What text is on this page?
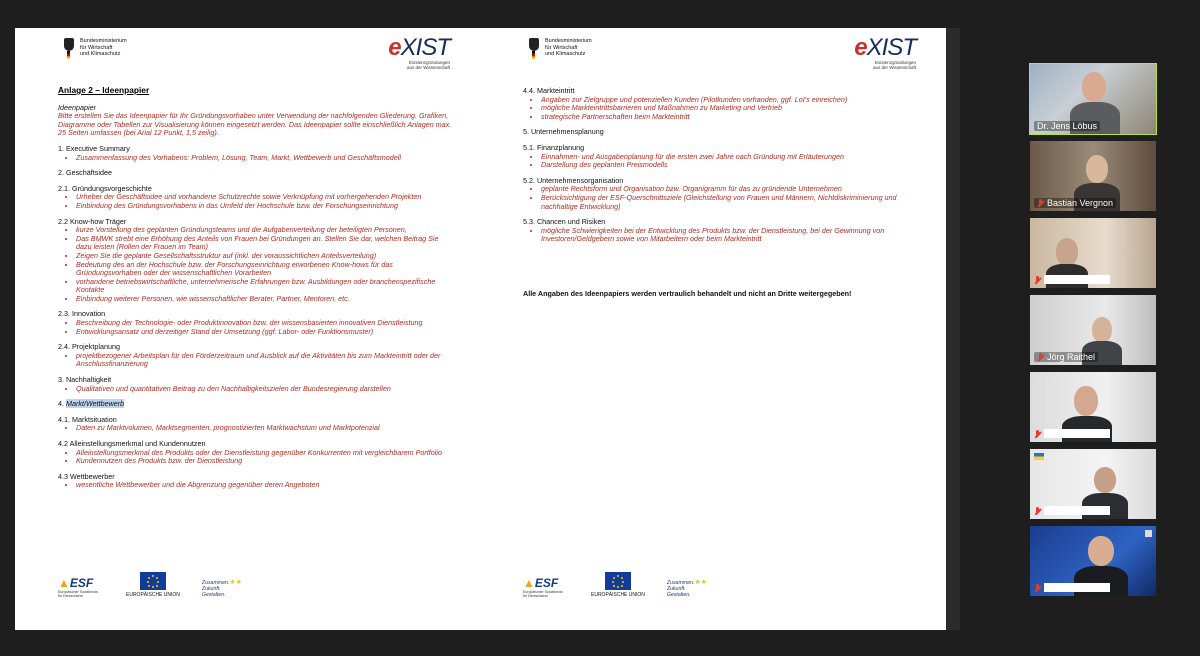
Bundesministerium
für Wirtschaft
und Klimaschutz	eXIST
Existenzgründungen
aus der Wissenschaft
Anlage 2 – Ideenpapier
Ideenpapier
Bitte erstellen Sie das Ideenpapier für Ihr Gründungsvorhaben unter Verwendung der nachfolgenden Gliederung. Grafiken, Diagramme oder Tabellen zur Visualisierung können eingesetzt werden. Das Ideenpapier sollte einschließlich Anlagen max. 25 Seiten umfassen (bei Arial 12 Punkt, 1,5 zeilig).
1. Executive Summary
• Zusammenfassung des Vorhabens: Problem, Lösung, Team, Markt, Wettbewerb und Geschäftsmodell
2. Geschäftsidee
2.1. Gründungsvorgeschichte
• Urheber der Geschäftsidee und vorhandene Schutzrechte sowie Verknüpfung mit vorhergehenden Projekten
• Einbindung des Gründungsvorhabens in das Umfeld der Hochschule bzw. der Forschungseinrichtung
2.2 Know-how Träger
• kurze Vorstellung des geplanten Gründungsteams und die Aufgabenverteilung der beteiligten Personen,
• Das BMWK strebt eine Erhöhung des Anteils von Frauen bei Gründungen an. Stellen Sie dar, welchen Beitrag Sie dazu leisten (Rollen der Frauen im Team)
• Zeigen Sie die geplante Gesellschaftsstruktur auf (inkl. der voraussichtlichen Anteilsverteilung)
• Bedeutung des an der Hochschule bzw. der Forschungseinrichtung erworbenen Know-hows für das Gründungsvorhaben oder der wissenschaftlichen Vorarbeiten
• vorhandene betriebswirtschaftliche, unternehmerische Erfahrungen bzw. Ausbildungen oder branchenspezifische Kontakte
• Einbindung weiterer Personen, wie wissenschaftlicher Berater, Partner, Mentoren, etc.
2.3. Innovation
• Beschreibung der Technologie- oder Produktinnovation bzw. der wissensbasierten innovativen Dienstleistung
• Entwicklungsansatz und derzeitiger Stand der Umsetzung (ggf. Labor- oder Funktionsmuster)
2.4. Projektplanung
• projektbezogener Arbeitsplan für den Förderzeitraum und Ausblick auf die Aktivitäten bis zum Markteintritt oder der Anschlussfinanzierung
3. Nachhaltigkeit
• Qualitativen und quantitativen Beitrag zu den Nachhaltigkeitszielen der Bundesregierung darstellen
4. Markt/Wettbewerb
4.1. Marktsituation
• Daten zu Marktvolumen, Marktsegmenten, prognostizierten Marktwachstum und Marktpotenzial
4.2 Alleinstellungsmerkmal und Kundennutzen
• Alleinstellungsmerkmal des Produkts oder der Dienstleistung gegenüber Konkurrenten mit vergleichbarem Portfolio
• Kundennutzen des Produkts bzw. der Dienstleistung
4.3 Wettbewerber
• wesentliche Wettbewerber und die Abgrenzung gegenüber deren Angeboten
▲ESF
Europäischer Sozialfonds
für Deutschland	EUROPÄISCHE UNION
Zusammen.
Zukunft.
Gestalten.
★★
Bundesministerium
für Wirtschaft
und Klimaschutz	eXIST
Existenzgründungen
aus der Wissenschaft
4.4. Markteintritt
• Angaben zur Zielgruppe und potenziellen Kunden (Pilotkunden vorhanden, ggf. LoI's einreichen)
• mögliche Markteintrittsbarrieren und Maßnahmen zu Marketing und Vertrieb
• strategische Partnerschaften beim Markteintritt
5. Unternehmensplanung
5.1. Finanzplanung
• Einnahmen- und Ausgabenplanung für die ersten zwei Jahre nach Gründung mit Erläuterungen
• Darstellung des geplanten Preismodells
5.2. Unternehmensorganisation
• geplante Rechtsform und Organisation bzw. Organigramm für das zu gründende Unternehmen
• Berücksichtigung der ESF-Querschnittsziele (Gleichstellung von Frauen und Männern, Nichtdiskriminierung und nachhaltige Entwicklung)
5.3. Chancen und Risiken
• mögliche Schwierigkeiten bei der Entwicklung des Produkts bzw. der Dienstleistung, bei der Gewinnung von Investoren/Geldgebern sowie von Mitarbeitern oder beim Markteintritt
Alle Angaben des Ideenpapiers werden vertraulich behandelt und nicht an Dritte weitergegeben!
▲ESF
Europäischer Sozialfonds
für Deutschland	EUROPÄISCHE UNION
Zusammen.
Zukunft.
Gestalten.
★★
Dr. Jens Löbus
Bastian Vergnon
Jörg Raithel
